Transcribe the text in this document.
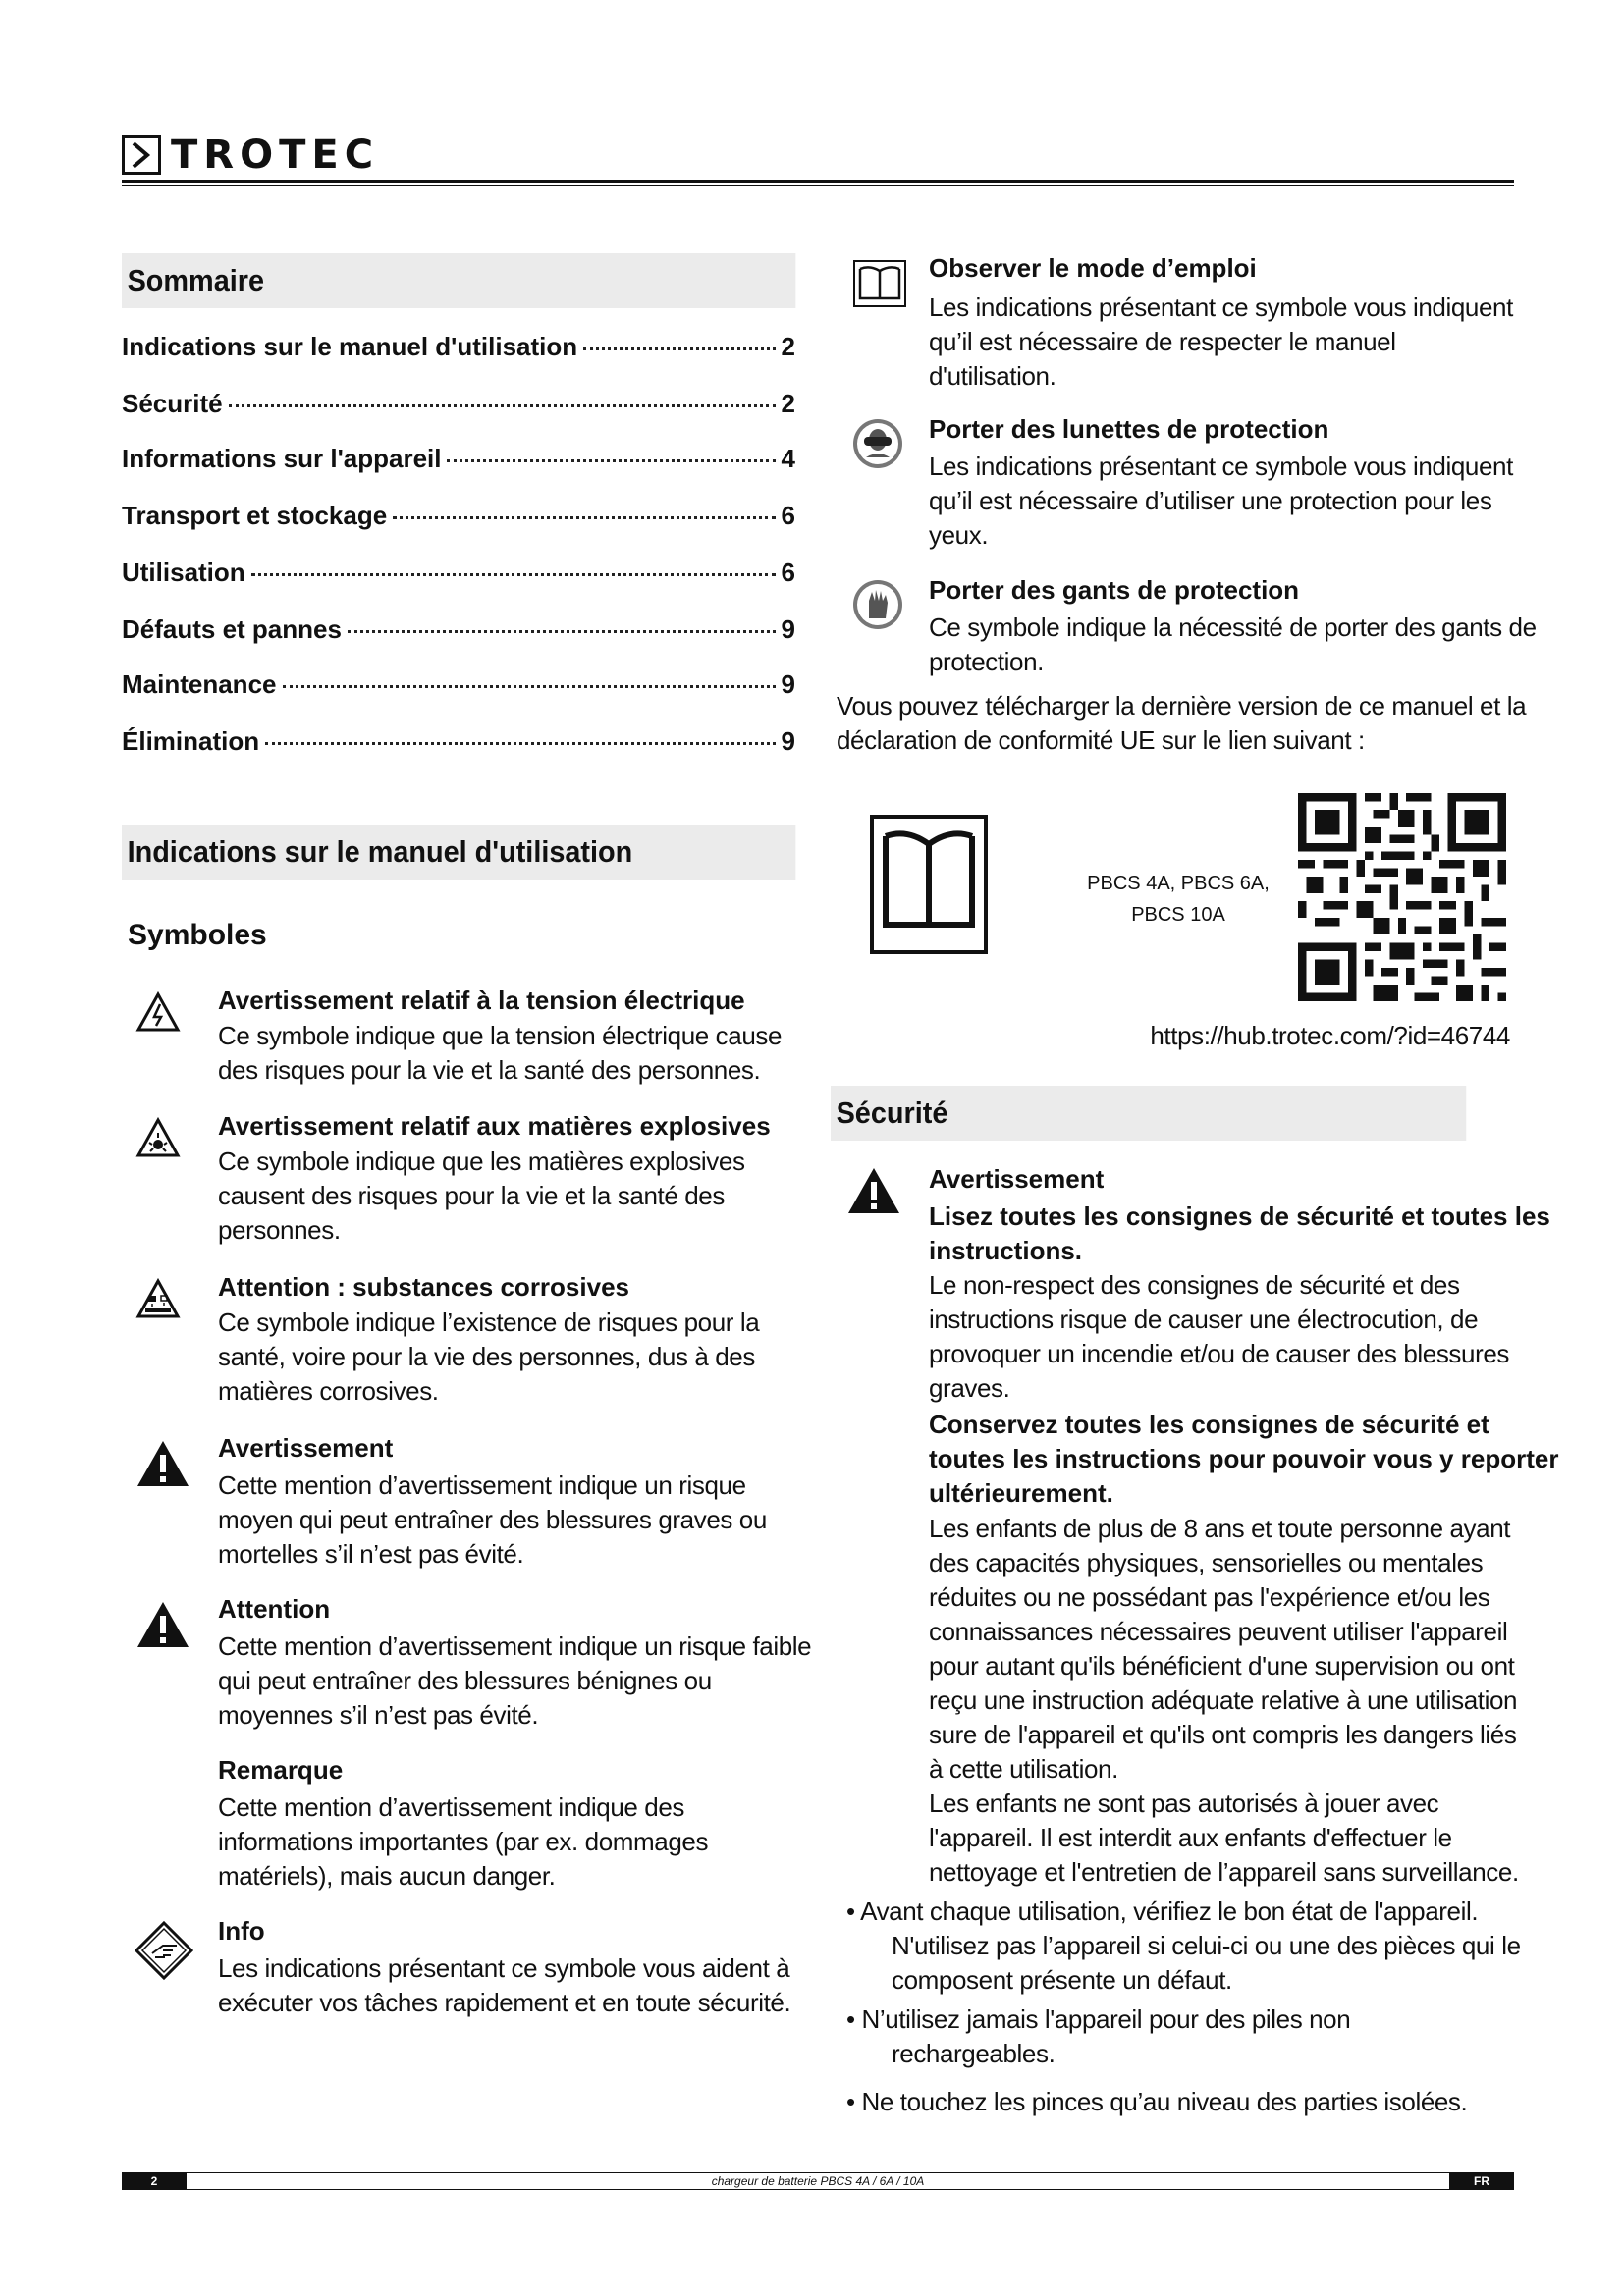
TROTEC
Sommaire
Indications sur le manuel d'utilisation	2
Sécurité	2
Informations sur l'appareil	4
Transport et stockage	6
Utilisation	6
Défauts et pannes	9
Maintenance	9
Élimination	9
Indications sur le manuel d'utilisation
Symboles
Avertissement relatif à la tension électrique
Ce symbole indique que la tension électrique cause
des risques pour la vie et la santé des personnes.
Avertissement relatif aux matières explosives
Ce symbole indique que les matières explosives
causent des risques pour la vie et la santé des
personnes.
Attention : substances corrosives
Ce symbole indique l’existence de risques pour la
santé, voire pour la vie des personnes, dus à des
matières corrosives.
Avertissement
Cette mention d’avertissement indique un risque
moyen qui peut entraîner des blessures graves ou
mortelles s’il n’est pas évité.
Attention
Cette mention d’avertissement indique un risque faible
qui peut entraîner des blessures bénignes ou
moyennes s’il n’est pas évité.
Remarque
Cette mention d’avertissement indique des
informations importantes (par ex. dommages
matériels), mais aucun danger.
Info
Les indications présentant ce symbole vous aident à
exécuter vos tâches rapidement et en toute sécurité.
Observer le mode d’emploi
Les indications présentant ce symbole vous indiquent
qu’il est nécessaire de respecter le manuel
d'utilisation.
Porter des lunettes de protection
Les indications présentant ce symbole vous indiquent
qu’il est nécessaire d’utiliser une protection pour les
yeux.
Porter des gants de protection
Ce symbole indique la nécessité de porter des gants de
protection.
Vous pouvez télécharger la dernière version de ce manuel et la
déclaration de conformité UE sur le lien suivant :
PBCS 4A, PBCS 6A,
PBCS 10A
https://hub.trotec.com/?id=46744
Sécurité
Avertissement
Lisez toutes les consignes de sécurité et toutes les
instructions.
Le non-respect des consignes de sécurité et des
instructions risque de causer une électrocution, de
provoquer un incendie et/ou de causer des blessures
graves.
Conservez toutes les consignes de sécurité et
toutes les instructions pour pouvoir vous y reporter
ultérieurement.
Les enfants de plus de 8 ans et toute personne ayant
des capacités physiques, sensorielles ou mentales
réduites ou ne possédant pas l'expérience et/ou les
connaissances nécessaires peuvent utiliser l'appareil
pour autant qu'ils bénéficient d'une supervision ou ont
reçu une instruction adéquate relative à une utilisation
sure de l'appareil et qu'ils ont compris les dangers liés
à cette utilisation.
Les enfants ne sont pas autorisés à jouer avec
l'appareil. Il est interdit aux enfants d'effectuer le
nettoyage et l'entretien de l’appareil sans surveillance.
• Avant chaque utilisation, vérifiez le bon état de l'appareil.
N'utilisez pas l’appareil si celui-ci ou une des pièces qui le
composent présente un défaut.
• N’utilisez jamais l'appareil pour des piles non
rechargeables.
• Ne touchez les pinces qu’au niveau des parties isolées.
2	chargeur de batterie PBCS 4A / 6A / 10A	FR
